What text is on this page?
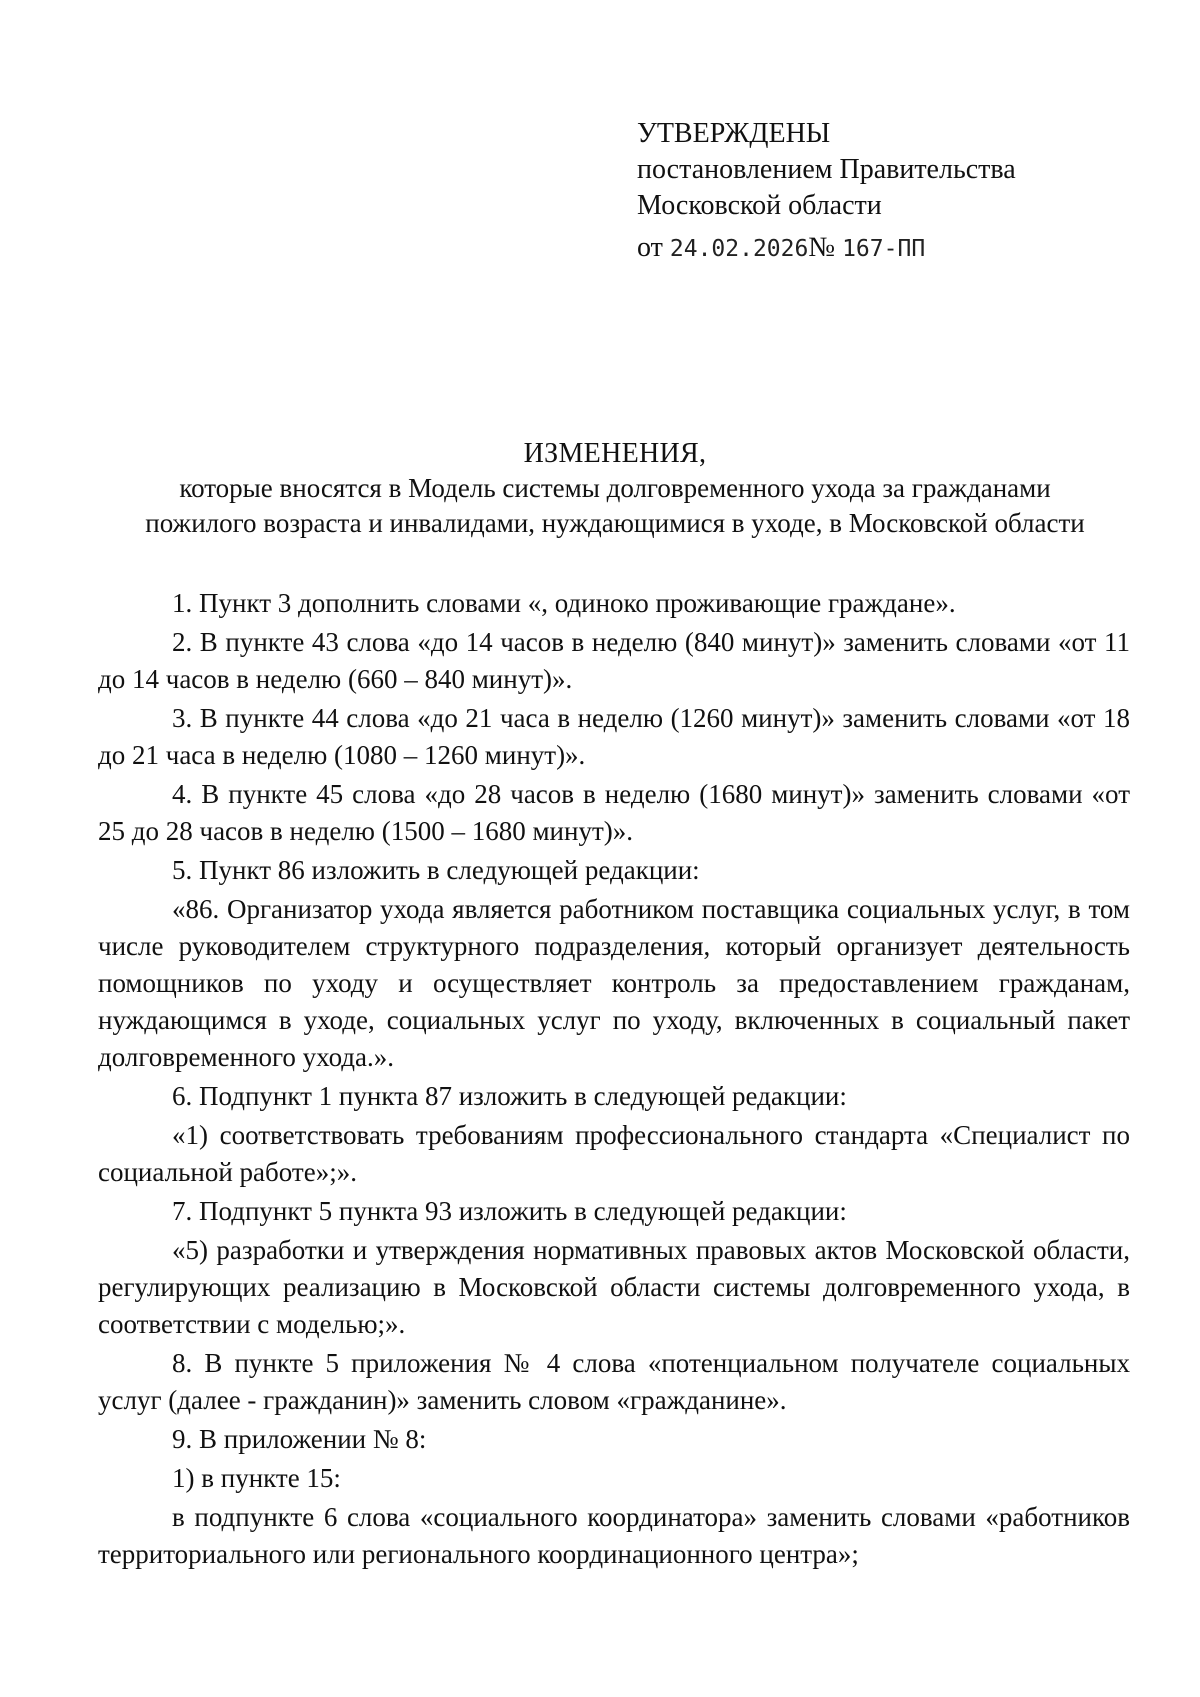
УТВЕРЖДЕНЫ
постановлением Правительства
Московской области
от 24.02.2026№ 167-ПП
ИЗМЕНЕНИЯ,
которые вносятся в Модель системы долговременного ухода за гражданами
пожилого возраста и инвалидами, нуждающимися в уходе, в Московской области

1. Пункт 3 дополнить словами «, одиноко проживающие граждане».

2. В пункте 43 слова «до 14 часов в неделю (840 минут)» заменить словами «от 11 до 14 часов в неделю (660 – 840 минут)».

3. В пункте 44 слова «до 21 часа в неделю (1260 минут)» заменить словами «от 18 до 21 часа в неделю (1080 – 1260 минут)».

4. В пункте 45 слова «до 28 часов в неделю (1680 минут)» заменить словами «от 25 до 28 часов в неделю (1500 – 1680 минут)».

5. Пункт 86 изложить в следующей редакции:

«86. Организатор ухода является работником поставщика социальных услуг, в том числе руководителем структурного подразделения, который организует деятельность помощников по уходу и осуществляет контроль за предоставлением гражданам, нуждающимся в уходе, социальных услуг по уходу, включенных в социальный пакет долговременного ухода.».

6. Подпункт 1 пункта 87 изложить в следующей редакции:

«1) соответствовать требованиям профессионального стандарта «Специалист по социальной работе»;».

7. Подпункт 5 пункта 93 изложить в следующей редакции:

«5) разработки и утверждения нормативных правовых актов Московской области, регулирующих реализацию в Московской области системы долговременного ухода, в соответствии с моделью;».

8. В пункте 5 приложения № 4 слова «потенциальном получателе социальных услуг (далее - гражданин)» заменить словом «гражданине».

9. В приложении № 8:

1) в пункте 15:

в подпункте 6 слова «социального координатора» заменить словами «работников территориального или регионального координационного центра»;
